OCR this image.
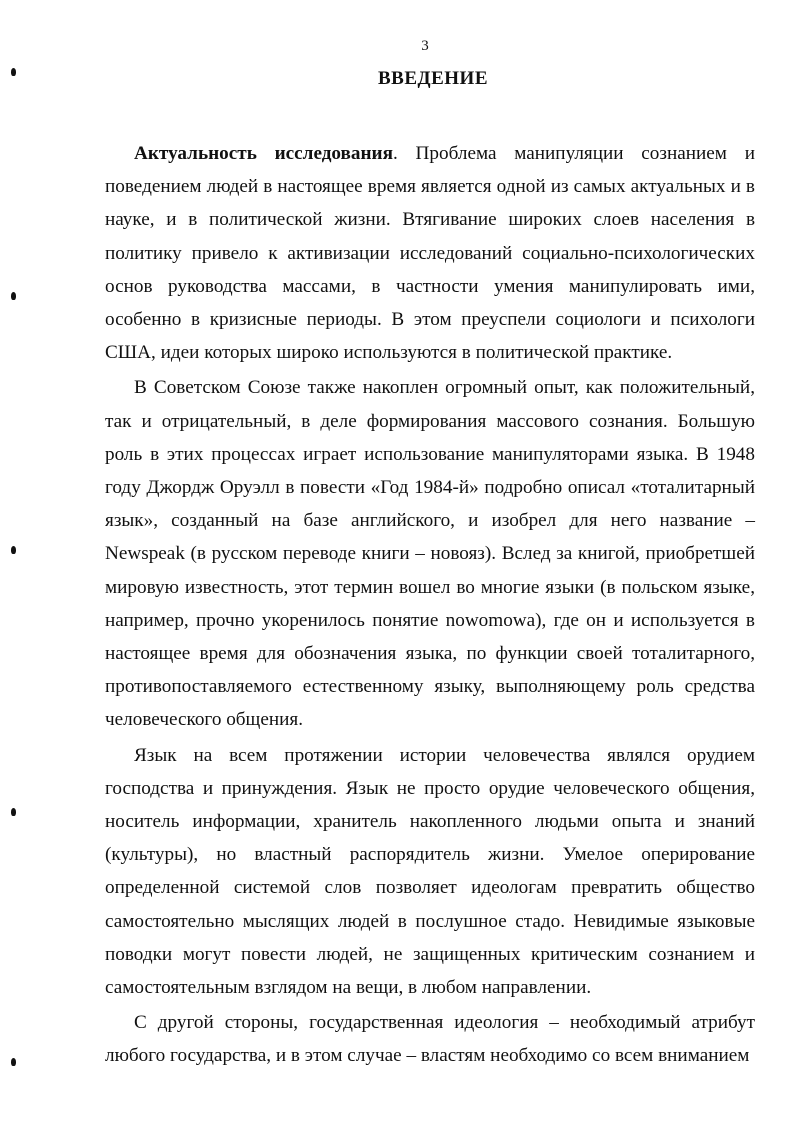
3
ВВЕДЕНИЕ

Актуальность исследования. Проблема манипуляции сознанием и поведением людей в настоящее время является одной из самых актуальных и в науке, и в политической жизни. Втягивание широких слоев населения в политику привело к активизации исследований социально-психологических основ руководства массами, в частности умения манипулировать ими, особенно в кризисные периоды. В этом преуспели социологи и психологи США, идеи которых широко используются в политической практике.

В Советском Союзе также накоплен огромный опыт, как положительный, так и отрицательный, в деле формирования массового сознания. Большую роль в этих процессах играет использование манипуляторами языка. В 1948 году Джордж Оруэлл в повести «Год 1984-й» подробно описал «тоталитарный язык», созданный на базе английского, и изобрел для него название – Newspeak (в русском переводе книги – новояз). Вслед за книгой, приобретшей мировую известность, этот термин вошел во многие языки (в польском языке, например, прочно укоренилось понятие nowomowa), где он и используется в настоящее время для обозначения языка, по функции своей тоталитарного, противопоставляемого естественному языку, выполняющему роль средства человеческого общения.

Язык на всем протяжении истории человечества являлся орудием господства и принуждения. Язык не просто орудие человеческого общения, носитель информации, хранитель накопленного людьми опыта и знаний (культуры), но властный распорядитель жизни. Умелое оперирование определенной системой слов позволяет идеологам превратить общество самостоятельно мыслящих людей в послушное стадо. Невидимые языковые поводки могут повести людей, не защищенных критическим сознанием и самостоятельным взглядом на вещи, в любом направлении.

С другой стороны, государственная идеология – необходимый атрибут любого государства, и в этом случае – властям необходимо со всем вниманием
